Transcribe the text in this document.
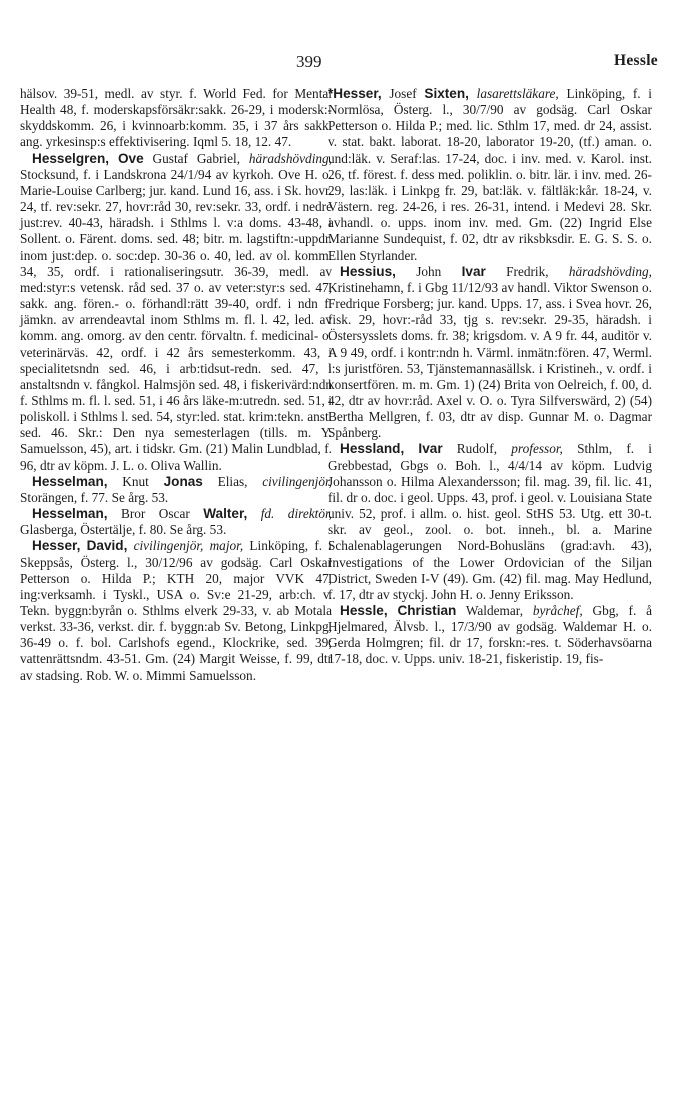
399	Hessle

hälsov. 39-51, medl. av styr. f. World Fed. for Mental Health 48, f. moderskapsförsäkr:sakk. 26-29, i modersk:-skyddskomm. 26, i kvinnoarb:komm. 35, i 37 års sakk. ang. yrkesinsp:s effektivisering. Iqml 5. 18, 12. 47.

Hesselgren, Ove Gustaf Gabriel, häradshövding, Stocksund, f. i Landskrona 24/1/94 av kyrkoh. Ove H. o. Marie-Louise Carlberg; jur. kand. Lund 16, ass. i Sk. hovr. 24, tf. rev:sekr. 27, hovr:råd 30, rev:sekr. 33, ordf. i nedre just:rev. 40-43, häradsh. i Sthlms l. v:a doms. 43-48, i Sollent. o. Färent. doms. sed. 48; bitr. m. lagstiftn:-uppdr. inom just:dep. o. soc:dep. 30-36 o. 40, led. av ol. komm. 34, 35, ordf. i rationaliseringsutr. 36-39, medl. av med:styr:s vetensk. råd sed. 37 o. av veter:styr:s sed. 47, sakk. ang. fören.- o. förhandl:rätt 39-40, ordf. i ndn f. jämkn. av arrendeavtal inom Sthlms m. fl. l. 42, led. av komm. ang. omorg. av den centr. förvaltn. f. medicinal- o. veterinärväs. 42, ordf. i 42 års semesterkomm. 43, i specialitetsndn sed. 46, i arb:tidsut-redn. sed. 47, i anstaltsndn v. fångkol. Halmsjön sed. 48, i fiskerivärd:ndn f. Sthlms m. fl. l. sed. 51, i 46 års läke-m:utredn. sed. 51, i poliskoll. i Sthlms l. sed. 54, styr:led. stat. krim:tekn. anst. sed. 46. Skr.: Den nya semesterlagen (tills. m. Y. Samuelsson, 45), art. i tidskr. Gm. (21) Malin Lundblad, f. 96, dtr av köpm. J. L. o. Oliva Wallin.

Hesselman, Knut Jonas Elias, civilingenjör, Storängen, f. 77. Se årg. 53.

Hesselman, Bror Oscar Walter, fd. direktör, Glasberga, Östertälje, f. 80. Se årg. 53.

Hesser, David, civilingenjör, major, Linköping, f. i Skeppsås, Österg. l., 30/12/96 av godsäg. Carl Oskar Petterson o. Hilda P.; KTH 20, major VVK 47, ing:verksamh. i Tyskl., USA o. Sv:e 21-29, arb:ch. v. Tekn. byggn:byrån o. Sthlms elverk 29-33, v. ab Motala verkst. 33-36, verkst. dir. f. byggn:ab Sv. Betong, Linkpg, 36-49 o. f. bol. Carlshofs egend., Klockrike, sed. 39; vattenrättsndm. 43-51. Gm. (24) Margit Weisse, f. 99, dtr av stadsing. Rob. W. o. Mimmi Samuelsson.

*Hesser, Josef Sixten, lasarettsläkare, Linköping, f. i Normlösa, Österg. l., 30/7/90 av godsäg. Carl Oskar Petterson o. Hilda P.; med. lic. Sthlm 17, med. dr 24, assist. v. stat. bakt. laborat. 18-20, laborator 19-20, (tf.) aman. o. und:läk. v. Seraf:las. 17-24, doc. i inv. med. v. Karol. inst. 26, tf. förest. f. dess med. poliklin. o. bitr. lär. i inv. med. 26-29, las:läk. i Linkpg fr. 29, bat:läk. v. fältläk:kår. 18-24, v. Västern. reg. 24-26, i res. 26-31, intend. i Medevi 28. Skr. avhandl. o. upps. inom inv. med. Gm. (22) Ingrid Else Marianne Sundequist, f. 02, dtr av riksbksdir. E. G. S. S. o. Ellen Styrlander.

Hessius, John Ivar Fredrik, häradshövding, Kristinehamn, f. i Gbg 11/12/93 av handl. Viktor Swenson o. Fredrique Forsberg; jur. kand. Upps. 17, ass. i Svea hovr. 26, fisk. 29, hovr:-råd 33, tjg s. rev:sekr. 29-35, häradsh. i Östersysslets doms. fr. 38; krigsdom. v. A 9 fr. 44, auditör v. A 9 49, ordf. i kontr:ndn h. Värml. inmätn:fören. 47, Werml. l:s juristfören. 53, Tjänstemannasällsk. i Kristineh., v. ordf. i konsertfören. m. m. Gm. 1) (24) Brita von Oelreich, f. 00, d. 42, dtr av hovr:råd. Axel v. O. o. Tyra Silfverswärd, 2) (54) Bertha Mellgren, f. 03, dtr av disp. Gunnar M. o. Dagmar Spånberg.

Hessland, Ivar Rudolf, professor, Sthlm, f. i Grebbestad, Gbgs o. Boh. l., 4/4/14 av köpm. Ludvig Johansson o. Hilma Alexandersson; fil. mag. 39, fil. lic. 41, fil. dr o. doc. i geol. Upps. 43, prof. i geol. v. Louisiana State univ. 52, prof. i allm. o. hist. geol. StHS 53. Utg. ett 30-t. skr. av geol., zool. o. bot. inneh., bl. a. Marine Schalenablagerungen Nord-Bohusläns (grad:avh. 43), Investigations of the Lower Ordovician of the Siljan District, Sweden I-V (49). Gm. (42) fil. mag. May Hedlund, f. 17, dtr av styckj. John H. o. Jenny Eriksson.

Hessle, Christian Waldemar, byråchef, Gbg, f. å Hjelmared, Älvsb. l., 17/3/90 av godsäg. Waldemar H. o. Gerda Holmgren; fil. dr 17, forskn:-res. t. Söderhavsöarna 17-18, doc. v. Upps. univ. 18-21, fiskeristip. 19, fis-
